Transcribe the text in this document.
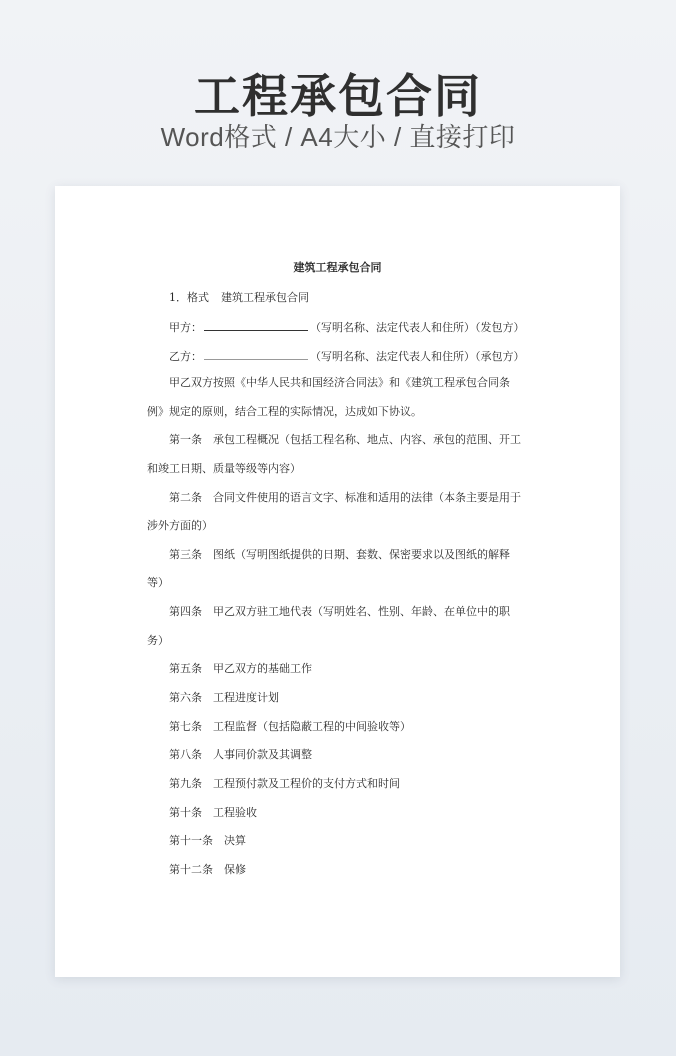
工程承包合同
Word格式 / A4大小 / 直接打印
建筑工程承包合同
1．格式 建筑工程承包合同
甲方：	（写明名称、法定代表人和住所）（发包方）
乙方：	（写明名称、法定代表人和住所）（承包方）
甲乙双方按照《中华人民共和国经济合同法》和《建筑工程承包合同条
例》规定的原则，结合工程的实际情况，达成如下协议。
第一条　承包工程概况（包括工程名称、地点、内容、承包的范围、开工
和竣工日期、质量等级等内容）
第二条　合同文件使用的语言文字、标准和适用的法律（本条主要是用于
涉外方面的）
第三条　图纸（写明图纸提供的日期、套数、保密要求以及图纸的解释
等）
第四条　甲乙双方驻工地代表（写明姓名、性别、年龄、在单位中的职
务）
第五条　甲乙双方的基础工作
第六条　工程进度计划
第七条　工程监督（包括隐蔽工程的中间验收等）
第八条　人事同价款及其调整
第九条　工程预付款及工程价的支付方式和时间
第十条　工程验收
第十一条　决算
第十二条　保修
